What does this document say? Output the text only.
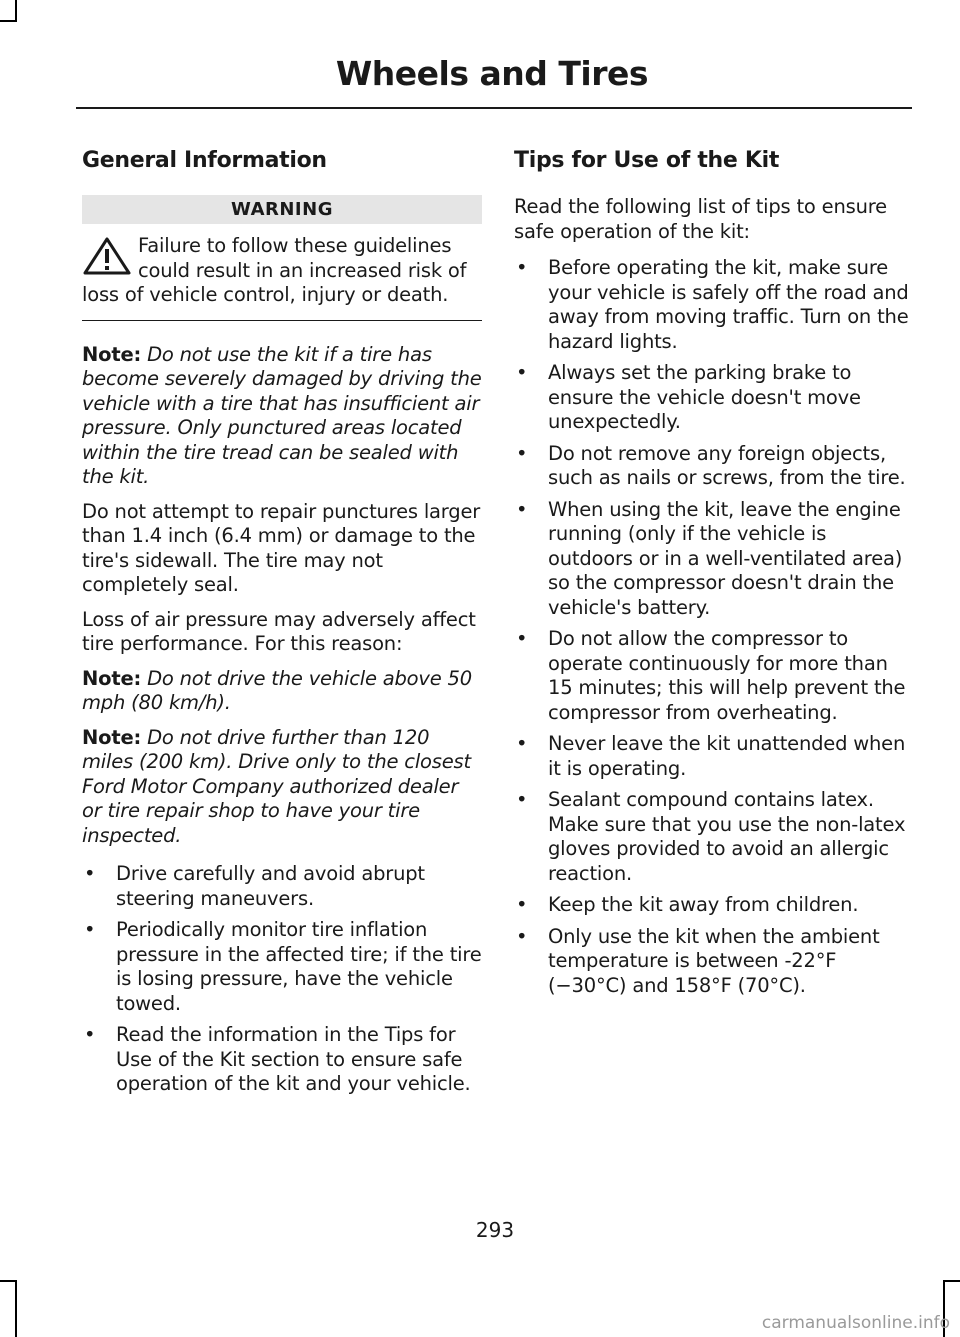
Wheels and Tires
General Information
WARNING
Failure to follow these guidelines could result in an increased risk of loss of vehicle control, injury or death.

Note: Do not use the kit if a tire has become severely damaged by driving the vehicle with a tire that has insufficient air pressure. Only punctured areas located within the tire tread can be sealed with the kit.

Do not attempt to repair punctures larger than 1.4 inch (6.4 mm) or damage to the tire's sidewall. The tire may not completely seal.

Loss of air pressure may adversely affect tire performance. For this reason:

Note: Do not drive the vehicle above 50 mph (80 km/h).

Note: Do not drive further than 120 miles (200 km). Drive only to the closest Ford Motor Company authorized dealer or tire repair shop to have your tire inspected.

• Drive carefully and avoid abrupt steering maneuvers.
• Periodically monitor tire inflation pressure in the affected tire; if the tire is losing pressure, have the vehicle towed.
• Read the information in the Tips for Use of the Kit section to ensure safe operation of the kit and your vehicle.
Tips for Use of the Kit

Read the following list of tips to ensure safe operation of the kit:

• Before operating the kit, make sure your vehicle is safely off the road and away from moving traffic. Turn on the hazard lights.
• Always set the parking brake to ensure the vehicle doesn't move unexpectedly.
• Do not remove any foreign objects, such as nails or screws, from the tire.
• When using the kit, leave the engine running (only if the vehicle is outdoors or in a well-ventilated area) so the compressor doesn't drain the vehicle's battery.
• Do not allow the compressor to operate continuously for more than 15 minutes; this will help prevent the compressor from overheating.
• Never leave the kit unattended when it is operating.
• Sealant compound contains latex. Make sure that you use the non-latex gloves provided to avoid an allergic reaction.
• Keep the kit away from children.
• Only use the kit when the ambient temperature is between -22°F (−30°C) and 158°F (70°C).
293
carmanualsonline.info
